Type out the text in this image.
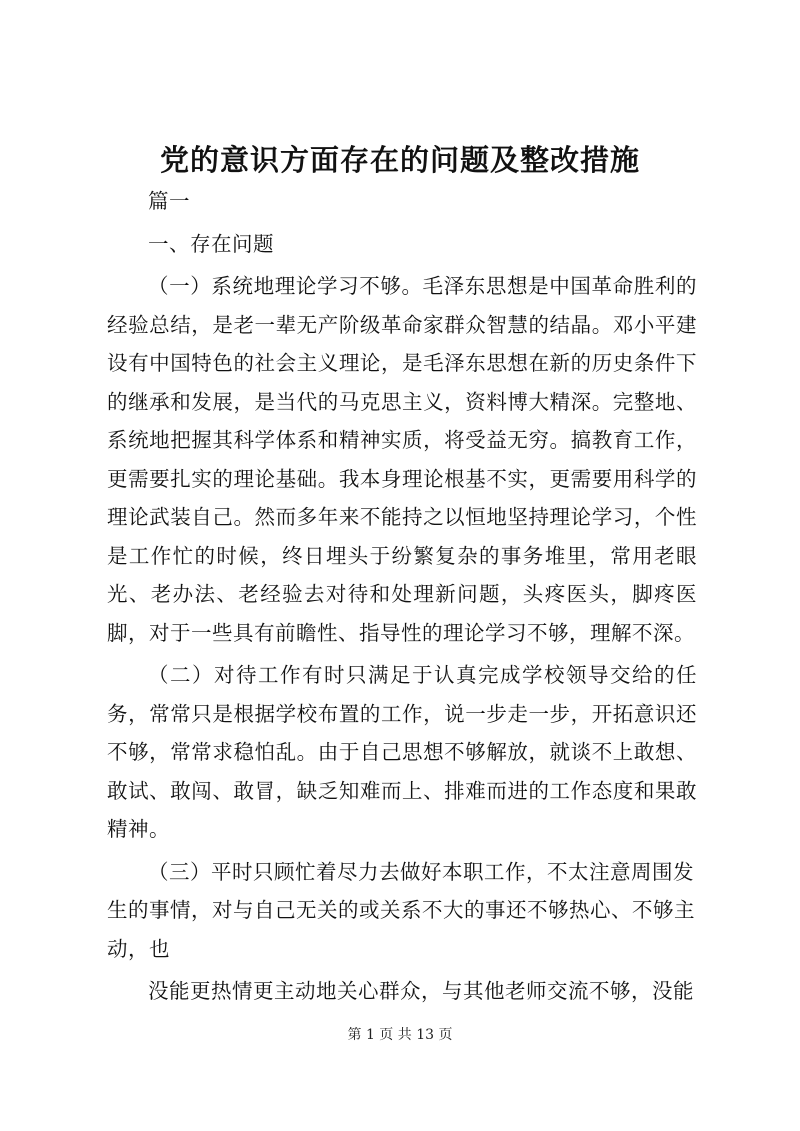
党的意识方面存在的问题及整改措施

篇一

一、存在问题

（一）系统地理论学习不够。毛泽东思想是中国革命胜利的经验总结，是老一辈无产阶级革命家群众智慧的结晶。邓小平建设有中国特色的社会主义理论，是毛泽东思想在新的历史条件下的继承和发展，是当代的马克思主义，资料博大精深。完整地、系统地把握其科学体系和精神实质，将受益无穷。搞教育工作，更需要扎实的理论基础。我本身理论根基不实，更需要用科学的理论武装自己。然而多年来不能持之以恒地坚持理论学习，个性是工作忙的时候，终日埋头于纷繁复杂的事务堆里，常用老眼光、老办法、老经验去对待和处理新问题，头疼医头，脚疼医脚，对于一些具有前瞻性、指导性的理论学习不够，理解不深。

（二）对待工作有时只满足于认真完成学校领导交给的任务，常常只是根据学校布置的工作，说一步走一步，开拓意识还不够，常常求稳怕乱。由于自己思想不够解放，就谈不上敢想、敢试、敢闯、敢冒，缺乏知难而上、排难而进的工作态度和果敢精神。

（三）平时只顾忙着尽力去做好本职工作，不太注意周围发生的事情，对与自己无关的或关系不大的事还不够热心、不够主动，也

没能更热情更主动地关心群众，与其他老师交流不够，没能

第 1 页 共 13 页
